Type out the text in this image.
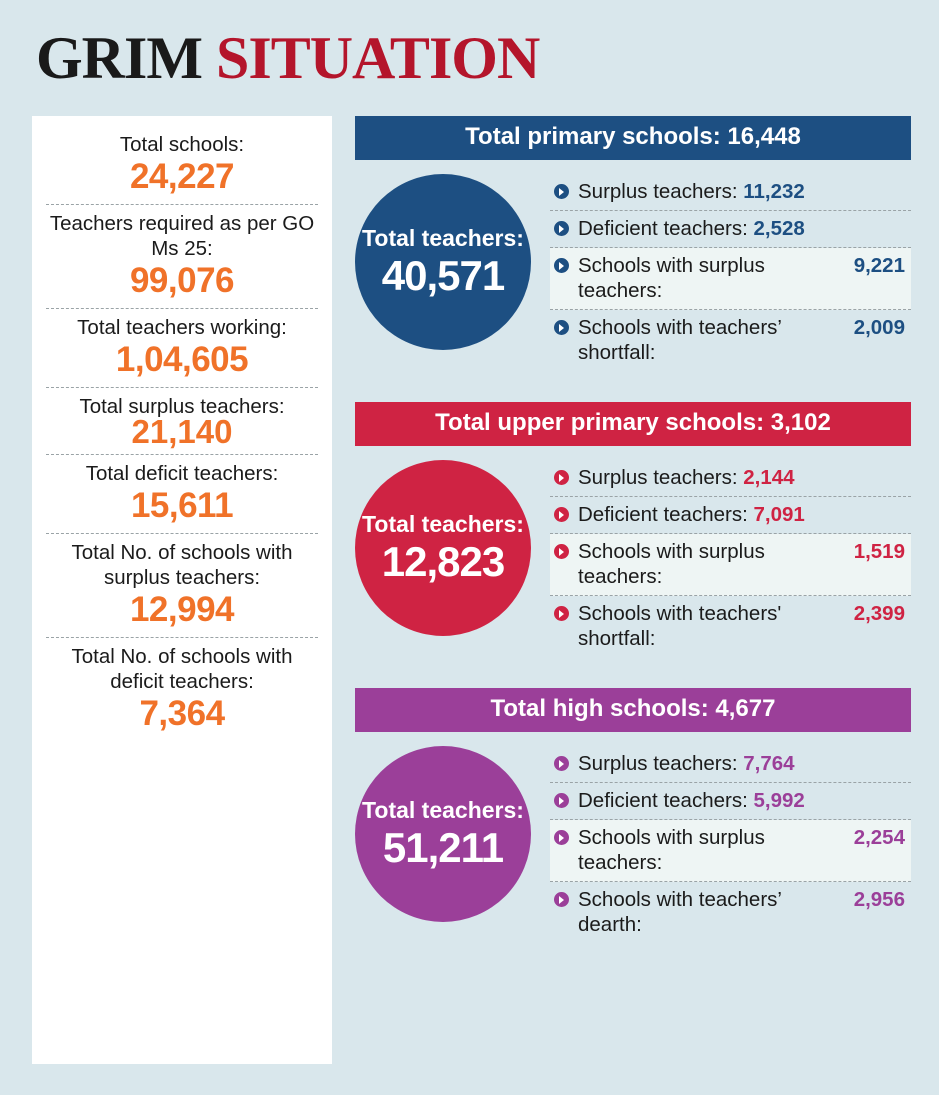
GRIM SITUATION
Total schools:
24,227
Teachers required as per GO Ms 25:
99,076
Total teachers working:
1,04,605
Total surplus teachers: 21,140
Total deficit teachers:
15,611
Total No. of schools with surplus teachers:
12,994
Total No. of schools with deficit teachers:
7,364
Total primary schools: 16,448
Total teachers:
40,571
Surplus teachers:
11,232
Deficient teachers:
2,528
Schools with surplus teachers:

9,221
Schools with teachers’ shortfall:

2,009
Total upper primary schools: 3,102
Total teachers:
12,823
Surplus teachers:
2,144
Deficient teachers:
7,091
Schools with surplus teachers:

1,519
Schools with teachers' shortfall:

2,399
Total high schools: 4,677
Total teachers:
51,211
Surplus teachers:
7,764
Deficient teachers:
5,992
Schools with surplus teachers:

2,254
Schools with teachers’ dearth:

2,956
